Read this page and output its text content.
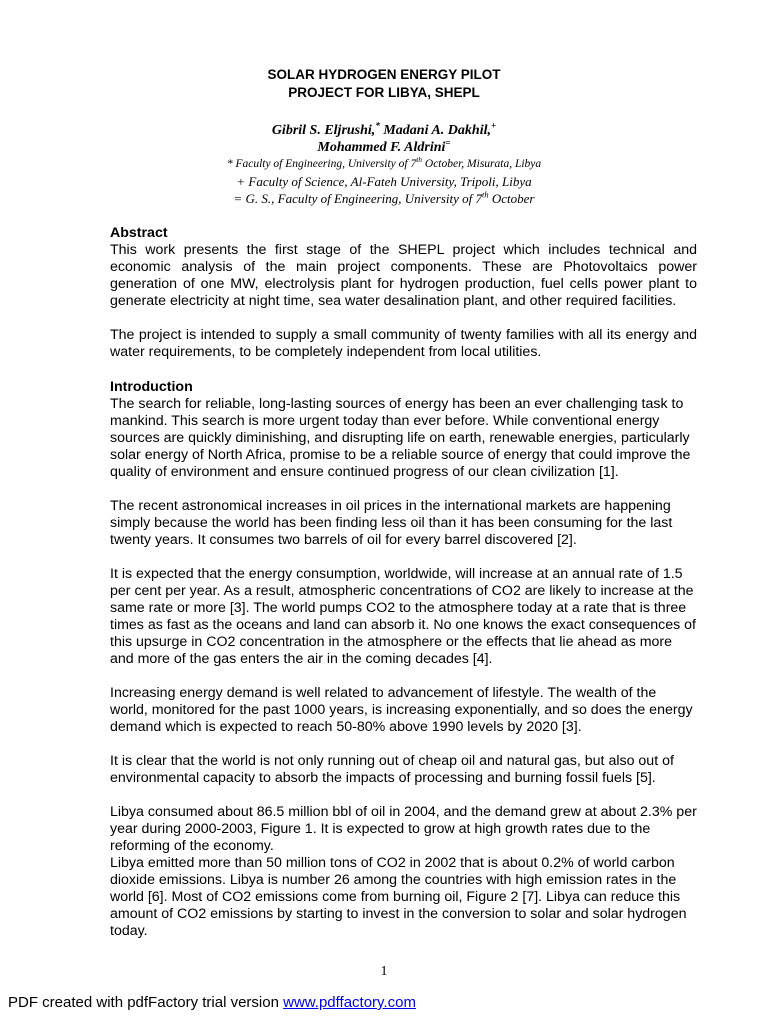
SOLAR HYDROGEN ENERGY PILOT
PROJECT FOR LIBYA, SHEPL
Gibril S. Eljrushi,* Madani A. Dakhil,+
Mohammed F. Aldrini=
* Faculty of Engineering, University of 7th October, Misurata, Libya
+ Faculty of Science, Al-Fateh University, Tripoli, Libya
= G. S., Faculty of Engineering, University of 7th October
Abstract
This work presents the first stage of the SHEPL project which includes technical and economic analysis of the main project components. These are Photovoltaics power generation of one MW, electrolysis plant for hydrogen production, fuel cells power plant to generate electricity at night time, sea water desalination plant, and other required facilities.
The project is intended to supply a small community of twenty families with all its energy and water requirements, to be completely independent from local utilities.
Introduction
The search for reliable, long-lasting sources of energy has been an ever challenging task to mankind. This search is more urgent today than ever before. While conventional energy sources are quickly diminishing, and disrupting life on earth, renewable energies, particularly solar energy of North Africa, promise to be a reliable source of energy that could improve the quality of environment and ensure continued progress of our clean civilization [1].
The recent astronomical increases in oil prices in the international markets are happening simply because the world has been finding less oil than it has been consuming for the last twenty years. It consumes two barrels of oil for every barrel discovered [2].
It is expected that the energy consumption, worldwide, will increase at an annual rate of 1.5 per cent per year. As a result, atmospheric concentrations of CO2 are likely to increase at the same rate or more [3]. The world pumps CO2 to the atmosphere today at a rate that is three times as fast as the oceans and land can absorb it. No one knows the exact consequences of this upsurge in CO2 concentration in the atmosphere or the effects that lie ahead as more and more of the gas enters the air in the coming decades [4].
Increasing energy demand is well related to advancement of lifestyle. The wealth of the world, monitored for the past 1000 years, is increasing exponentially, and so does the energy demand which is expected to reach 50-80% above 1990 levels by 2020 [3].
It is clear that the world is not only running out of cheap oil and natural gas, but also out of environmental capacity to absorb the impacts of processing and burning fossil fuels [5].
Libya consumed about 86.5 million bbl of oil in 2004, and the demand grew at about 2.3% per year during 2000-2003, Figure 1. It is expected to grow at high growth rates due to the reforming of the economy.
Libya emitted more than 50 million tons of CO2 in 2002 that is about 0.2% of world carbon dioxide emissions. Libya is number 26 among the countries with high emission rates in the world [6]. Most of CO2 emissions come from burning oil, Figure 2 [7]. Libya can reduce this amount of CO2 emissions by starting to invest in the conversion to solar and solar hydrogen today.
1
PDF created with pdfFactory trial version www.pdffactory.com
